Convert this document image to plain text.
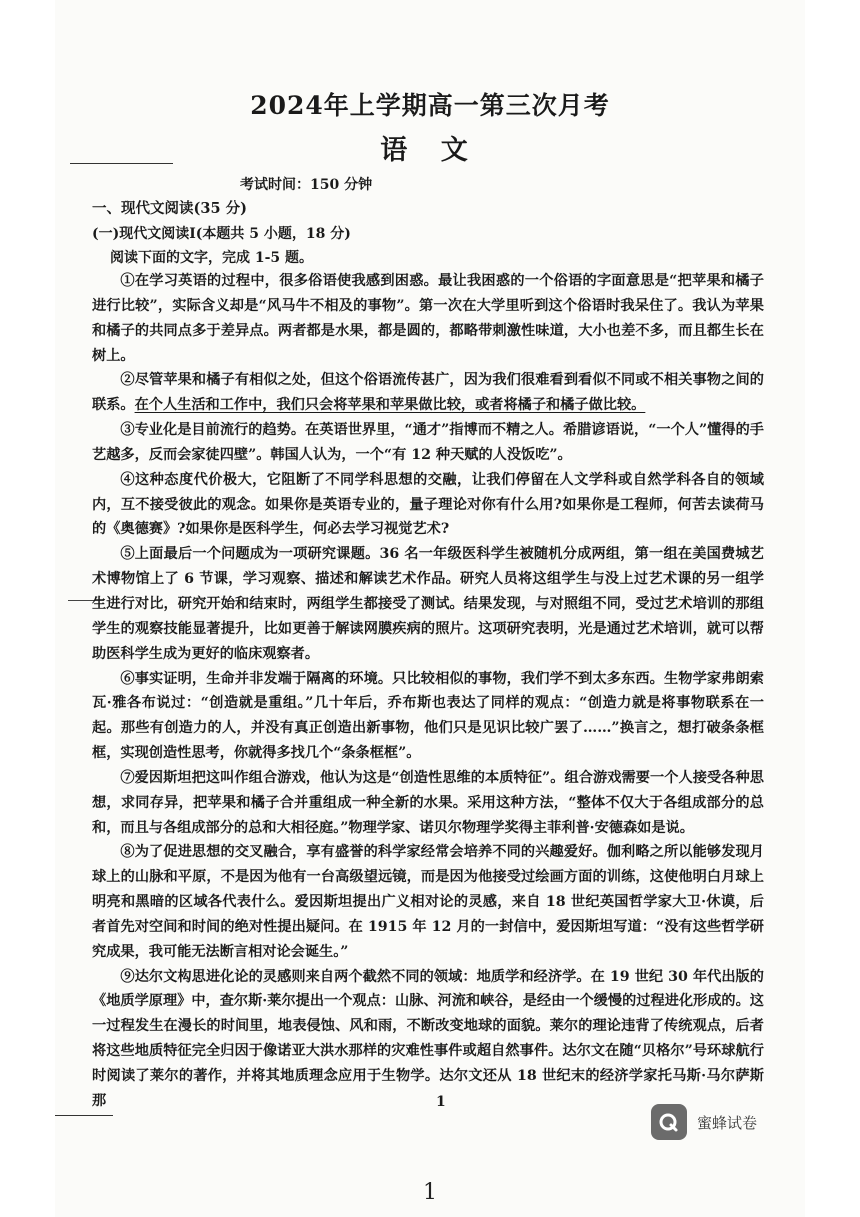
2024年上学期高一第三次月考
语 文
考试时间：150 分钟
一、现代文阅读(35 分)
(一)现代文阅读Ⅰ(本题共 5 小题，18 分)
阅读下面的文字，完成 1-5 题。

①在学习英语的过程中，很多俗语使我感到困惑。最让我困惑的一个俗语的字面意思是“把苹果和橘子进行比较”，实际含义却是“风马牛不相及的事物”。第一次在大学里听到这个俗语时我呆住了。我认为苹果和橘子的共同点多于差异点。两者都是水果，都是圆的，都略带刺激性味道，大小也差不多，而且都生长在树上。

②尽管苹果和橘子有相似之处，但这个俗语流传甚广，因为我们很难看到看似不同或不相关事物之间的联系。在个人生活和工作中，我们只会将苹果和苹果做比较，或者将橘子和橘子做比较。

③专业化是目前流行的趋势。在英语世界里，“通才”指博而不精之人。希腊谚语说，“一个人”懂得的手艺越多，反而会家徒四壁”。韩国人认为，一个“有 12 种天赋的人没饭吃”。

④这种态度代价极大，它阻断了不同学科思想的交融，让我们停留在人文学科或自然学科各自的领域内，互不接受彼此的观念。如果你是英语专业的，量子理论对你有什么用?如果你是工程师，何苦去读荷马的《奥德赛》?如果你是医科学生，何必去学习视觉艺术?

⑤上面最后一个问题成为一项研究课题。36 名一年级医科学生被随机分成两组，第一组在美国费城艺术博物馆上了 6 节课，学习观察、描述和解读艺术作品。研究人员将这组学生与没上过艺术课的另一组学生进行对比，研究开始和结束时，两组学生都接受了测试。结果发现，与对照组不同，受过艺术培训的那组学生的观察技能显著提升，比如更善于解读网膜疾病的照片。这项研究表明，光是通过艺术培训，就可以帮助医科学生成为更好的临床观察者。

⑥事实证明，生命并非发端于隔离的环境。只比较相似的事物，我们学不到太多东西。生物学家弗朗索瓦·雅各布说过：“创造就是重组。”几十年后，乔布斯也表达了同样的观点：“创造力就是将事物联系在一起。那些有创造力的人，并没有真正创造出新事物，他们只是见识比较广罢了……”换言之，想打破条条框框，实现创造性思考，你就得多找几个“条条框框”。

⑦爱因斯坦把这叫作组合游戏，他认为这是“创造性思维的本质特征”。组合游戏需要一个人接受各种思想，求同存异，把苹果和橘子合并重组成一种全新的水果。采用这种方法，“整体不仅大于各组成部分的总和，而且与各组成部分的总和大相径庭。”物理学家、诺贝尔物理学奖得主菲利普·安德森如是说。

⑧为了促进思想的交叉融合，享有盛誉的科学家经常会培养不同的兴趣爱好。伽利略之所以能够发现月球上的山脉和平原，不是因为他有一台高级望远镜，而是因为他接受过绘画方面的训练，这使他明白月球上明亮和黑暗的区域各代表什么。爱因斯坦提出广义相对论的灵感，来自 18 世纪英国哲学家大卫·休谟，后者首先对空间和时间的绝对性提出疑问。在 1915 年 12 月的一封信中，爱因斯坦写道：“没有这些哲学研究成果，我可能无法断言相对论会诞生。”

⑨达尔文构思进化论的灵感则来自两个截然不同的领域：地质学和经济学。在 19 世纪 30 年代出版的《地质学原理》中，查尔斯·莱尔提出一个观点：山脉、河流和峡谷，是经由一个缓慢的过程进化形成的。这一过程发生在漫长的时间里，地表侵蚀、风和雨，不断改变地球的面貌。莱尔的理论违背了传统观点，后者将这些地质特征完全归因于像诺亚大洪水那样的灾难性事件或超自然事件。达尔文在随“贝格尔”号环球航行时阅读了莱尔的著作，并将其地质理念应用于生物学。达尔文还从 18 世纪末的经济学家托马斯·马尔萨斯那	1
蜜蜂试卷
1
